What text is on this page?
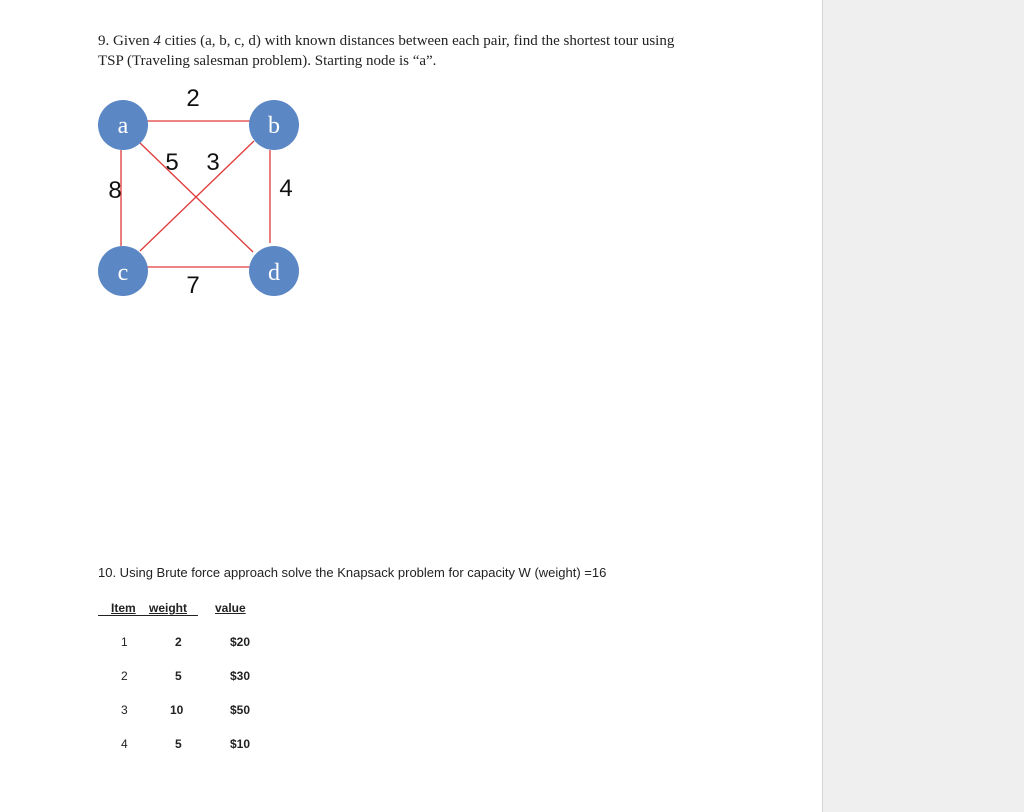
9. Given 4 cities (a, b, c, d) with known distances between each pair, find the shortest tour using
TSP (Traveling salesman problem). Starting node is “a”.
a	b
c	d
2
5 3
8	4
7
10. Using Brute force approach solve the Knapsack problem for capacity W (weight) =16
Item weight value
1	2	$20
2	5	$30
3	10	$50
4	5	$10
